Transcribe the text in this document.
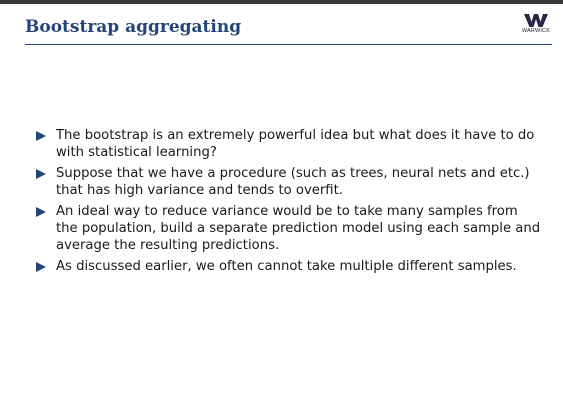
Bootstrap aggregating	WARWICK
The bootstrap is an extremely powerful idea but what does it have to do with statistical learning?
Suppose that we have a procedure (such as trees, neural nets and etc.) that has high variance and tends to overfit.
An ideal way to reduce variance would be to take many samples from the population, build a separate prediction model using each sample and average the resulting predictions.
As discussed earlier, we often cannot take multiple different samples.
